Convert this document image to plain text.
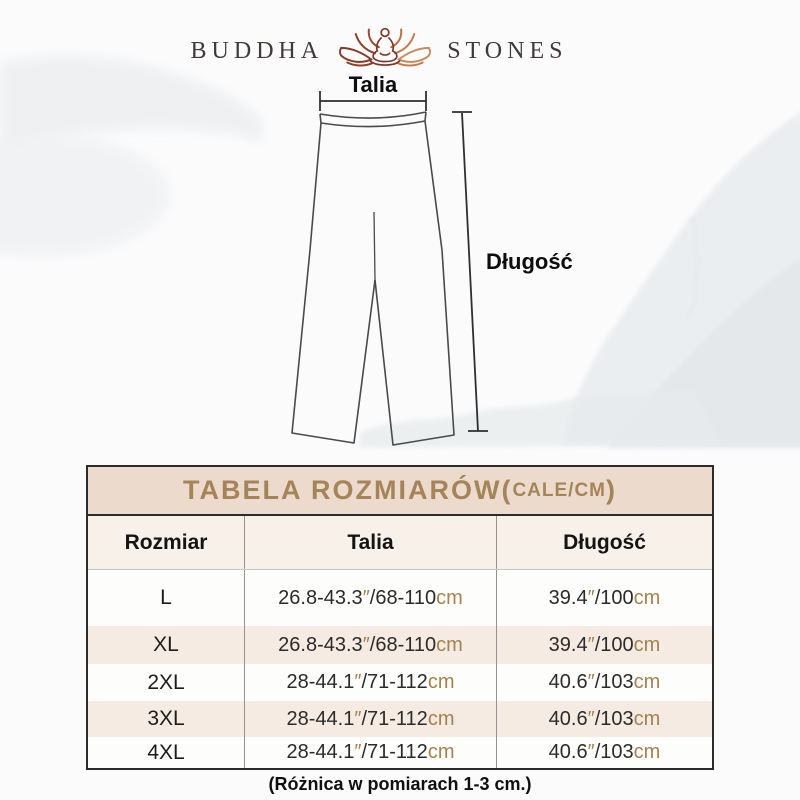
BUDDHA	STONES
Talia
Długość
TABELA ROZMIARÓW( CALE/CM )
Rozmiar	Talia	Długość
L	26.8-43.3 ″ /68-110 cm	39.4 ″ /100 cm
XL	26.8-43.3 ″ /68-110 cm	39.4 ″ /100 cm
2XL	28-44.1 ″ /71-112 cm	40.6 ″ /103 cm
3XL	28-44.1 ″ /71-112 cm	40.6 ″ /103 cm
4XL	28-44.1 ″ /71-112 cm	40.6 ″ /103 cm
(Różnica w pomiarach 1-3 cm.)
